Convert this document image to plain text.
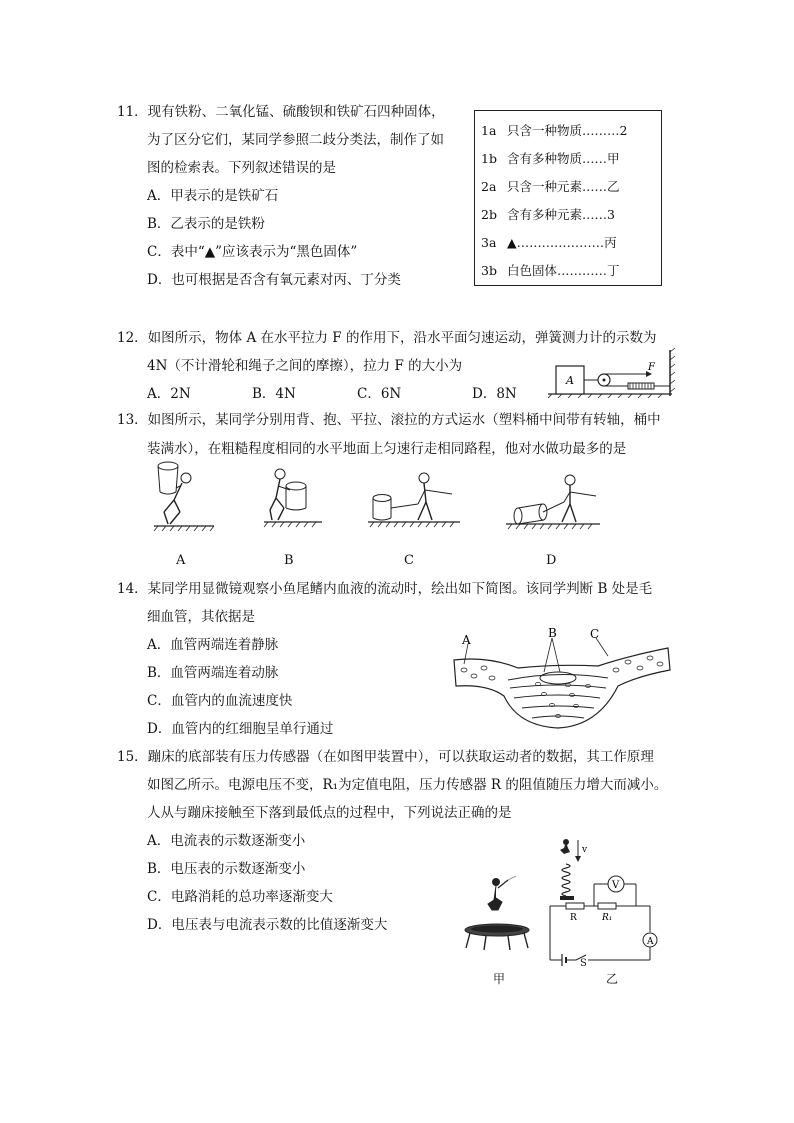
11．现有铁粉、二氧化锰、硫酸钡和铁矿石四种固体，
为了区分它们，某同学参照二歧分类法，制作了如
图的检索表。下列叙述错误的是
A．甲表示的是铁矿石
B．乙表示的是铁粉
C．表中“▲”应该表示为“黑色固体”
D．也可根据是否含有氧元素对丙、丁分类
1a 只含一种物质………2
1b 含有多种物质……甲
2a 只含一种元素……乙
2b 含有多种元素……3
3a ▲…………………丙
3b 白色固体…………丁
12．如图所示，物体 A 在水平拉力 F 的作用下，沿水平面匀速运动，弹簧测力计的示数为
4N（不计滑轮和绳子之间的摩擦），拉力 F 的大小为
A．2N	B．4N	C．6N	D．8N
A
F
13．如图所示，某同学分别用背、抱、平拉、滚拉的方式运水（塑料桶中间带有转轴，桶中
装满水），在粗糙程度相同的水平地面上匀速行走相同路程，他对水做功最多的是
A	B	C	D
14．某同学用显微镜观察小鱼尾鳍内血液的流动时，绘出如下简图。该同学判断 B 处是毛
细血管，其依据是
A．血管两端连着静脉
B．血管两端连着动脉
C．血管内的血流速度快
D．血管内的红细胞呈单行通过
A	B	C
15．蹦床的底部装有压力传感器（在如图甲装置中），可以获取运动者的数据，其工作原理
如图乙所示。电源电压不变，R₁为定值电阻，压力传感器 R 的阻值随压力增大而减小。
人从与蹦床接触至下落到最低点的过程中，下列说法正确的是
A．电流表的示数逐渐变小
B．电压表的示数逐渐变小
C．电路消耗的总功率逐渐变大
D．电压表与电流表示数的比值逐渐变大
甲
v
R	R₁
V
A
S
乙
